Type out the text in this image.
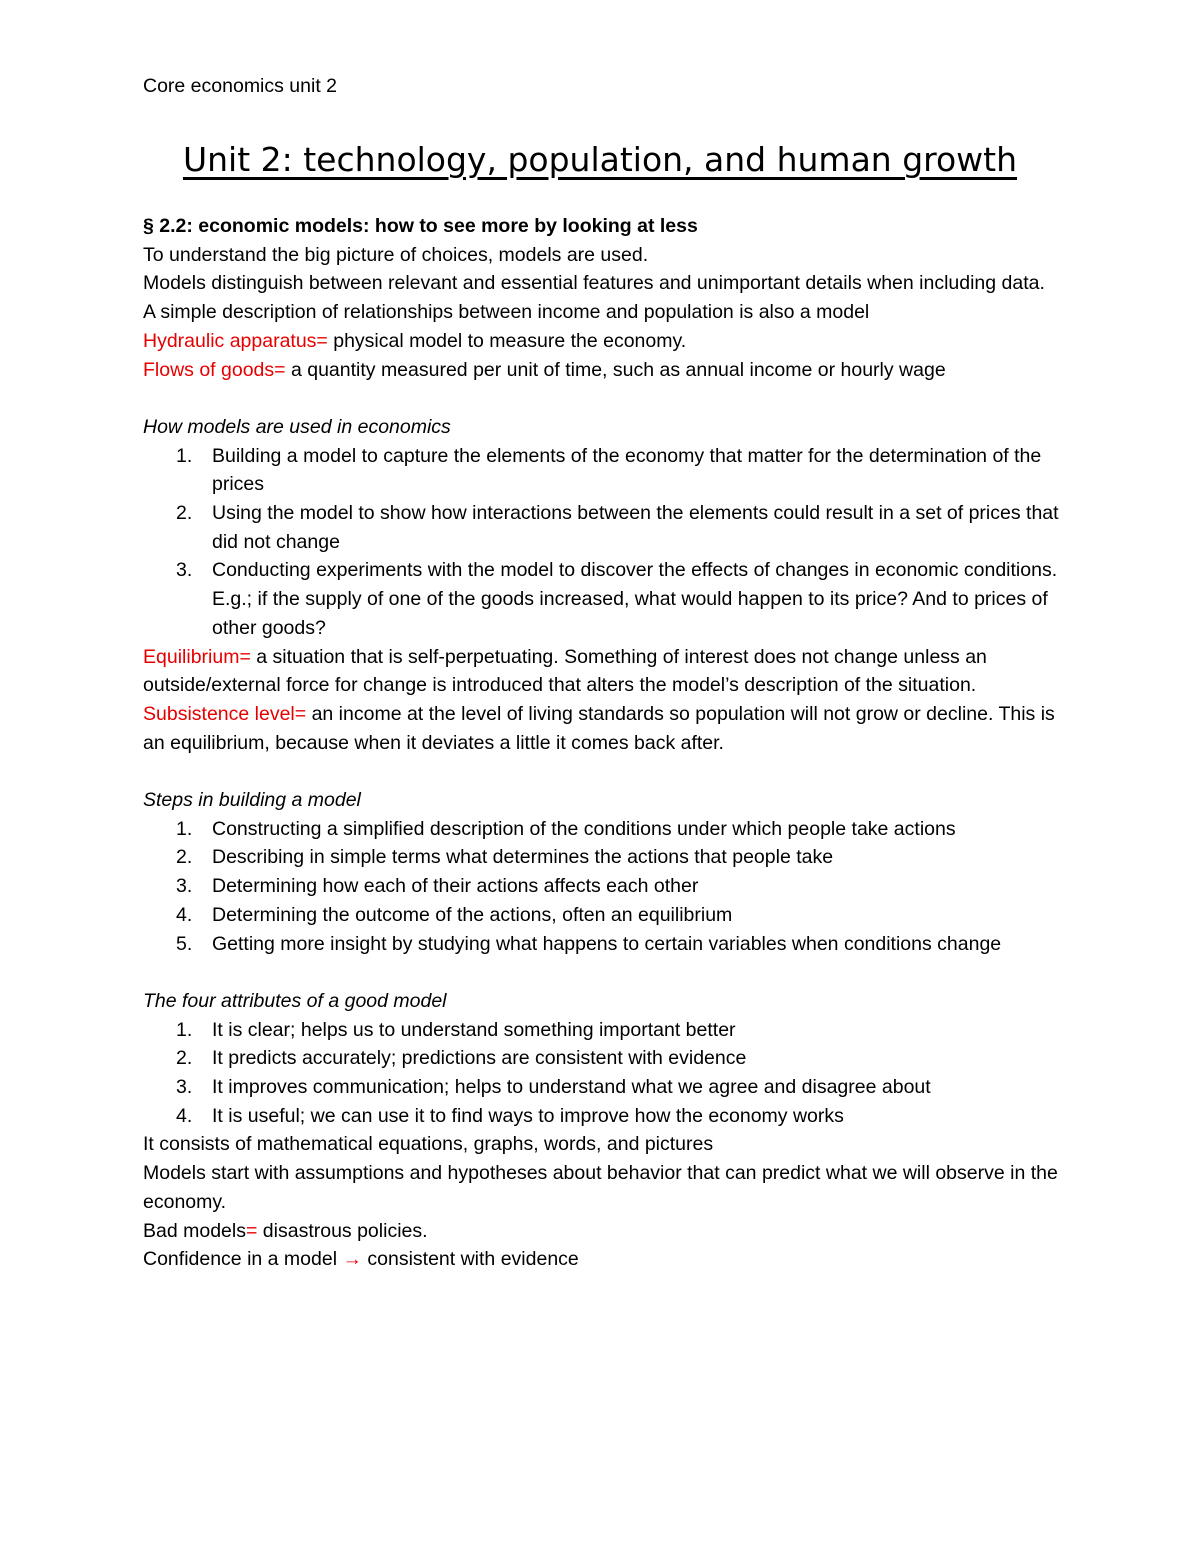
Core economics unit 2
Unit 2: technology, population, and human growth

§ 2.2: economic models: how to see more by looking at less

To understand the big picture of choices, models are used.

Models distinguish between relevant and essential features and unimportant details when including data.

A simple description of relationships between income and population is also a model

Hydraulic apparatus= physical model to measure the economy.

Flows of goods= a quantity measured per unit of time, such as annual income or hourly wage

How models are used in economics

1. Building a model to capture the elements of the economy that matter for the determination of the prices
2. Using the model to show how interactions between the elements could result in a set of prices that did not change
3. Conducting experiments with the model to discover the effects of changes in economic conditions. E.g.; if the supply of one of the goods increased, what would happen to its price? And to prices of other goods?

Equilibrium= a situation that is self-perpetuating. Something of interest does not change unless an outside/external force for change is introduced that alters the model’s description of the situation.

Subsistence level= an income at the level of living standards so population will not grow or decline. This is an equilibrium, because when it deviates a little it comes back after.

Steps in building a model

1. Constructing a simplified description of the conditions under which people take actions
2. Describing in simple terms what determines the actions that people take
3. Determining how each of their actions affects each other
4. Determining the outcome of the actions, often an equilibrium
5. Getting more insight by studying what happens to certain variables when conditions change

The four attributes of a good model

1. It is clear; helps us to understand something important better
2. It predicts accurately; predictions are consistent with evidence
3. It improves communication; helps to understand what we agree and disagree about
4. It is useful; we can use it to find ways to improve how the economy works

It consists of mathematical equations, graphs, words, and pictures

Models start with assumptions and hypotheses about behavior that can predict what we will observe in the economy.

Bad models= disastrous policies.

Confidence in a model → consistent with evidence
